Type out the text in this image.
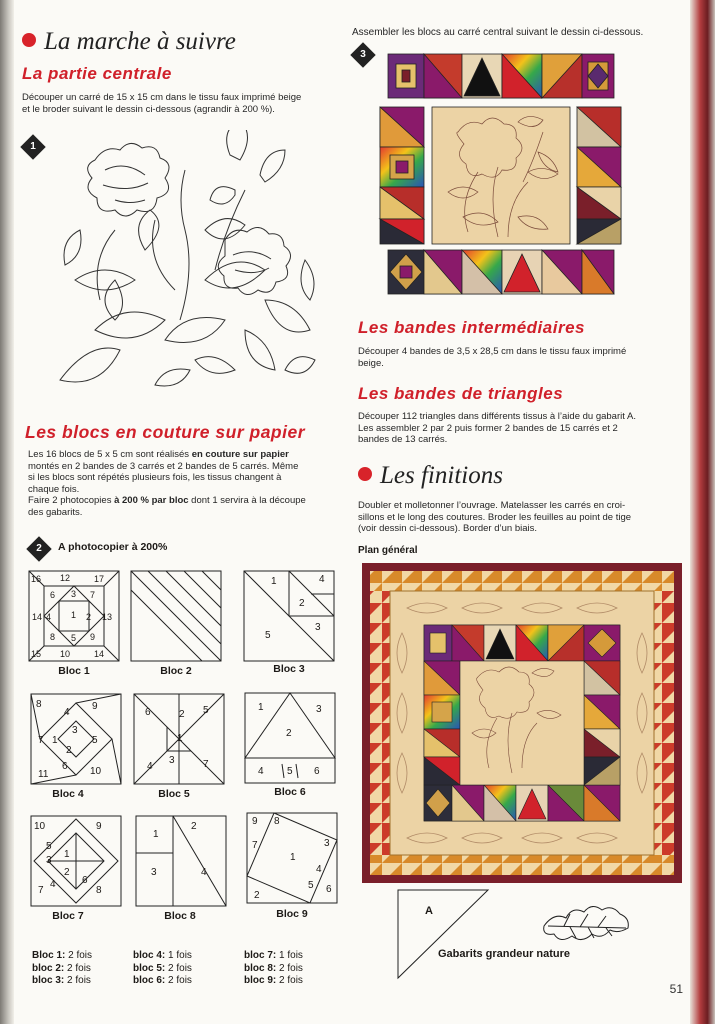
La marche à suivre
La partie centrale
Découper un carré de 15 x 15 cm dans le tissu faux imprimé beige
et le broder suivant le dessin ci-dessous (agrandir à 200 %).
1
Les blocs en couture sur papier
Les 16 blocs de 5 x 5 cm sont réalisés en couture sur papier
montés en 2 bandes de 3 carrés et 2 bandes de 5 carrés. Même
si les blocs sont répétés plusieurs fois, les tissus changent à
chaque fois.
Faire 2 photocopies à 200 % par bloc dont 1 servira à la découpe
des gabarits.
2	A photocopier à 200%
16 12	17
6 3 7
14 4 1 2 13
8 5 9
15 10	14
Bloc 1	Bloc 2
1	4
2
3
5
Bloc 3
8
4
9
7 1
3
5
2
6
11	10
Bloc 4
6	2 5
1
3
4	7
Bloc 5
1	3
2
4 5 6
Bloc 6
10	9
5
3
1
2
6
7
4
8
Bloc 7
1
2
3	4
Bloc 8
9 8
7
1
3
4
2
5 6
Bloc 9
Bloc 1: 2 fois
bloc 2: 2 fois
bloc 3: 2 fois
bloc 4: 1 fois
bloc 5: 2 fois
bloc 6: 2 fois
bloc 7: 1 fois
bloc 8: 2 fois
bloc 9: 2 fois
Assembler les blocs au carré central suivant le dessin ci-dessous.
3
Les bandes intermédiaires
Découper 4 bandes de 3,5 x 28,5 cm dans le tissu faux imprimé
beige.
Les bandes de triangles
Découper 112 triangles dans différents tissus à l’aide du gabarit A.
Les assembler 2 par 2 puis former 2 bandes de 15 carrés et 2
bandes de 13 carrés.
Les finitions
Doubler et molletonner l’ouvrage. Matelasser les carrés en croi-
sillons et le long des coutures. Broder les feuilles au point de tige
(voir dessin ci-dessous). Border d’un biais.
Plan général
A
Gabarits grandeur nature
51
